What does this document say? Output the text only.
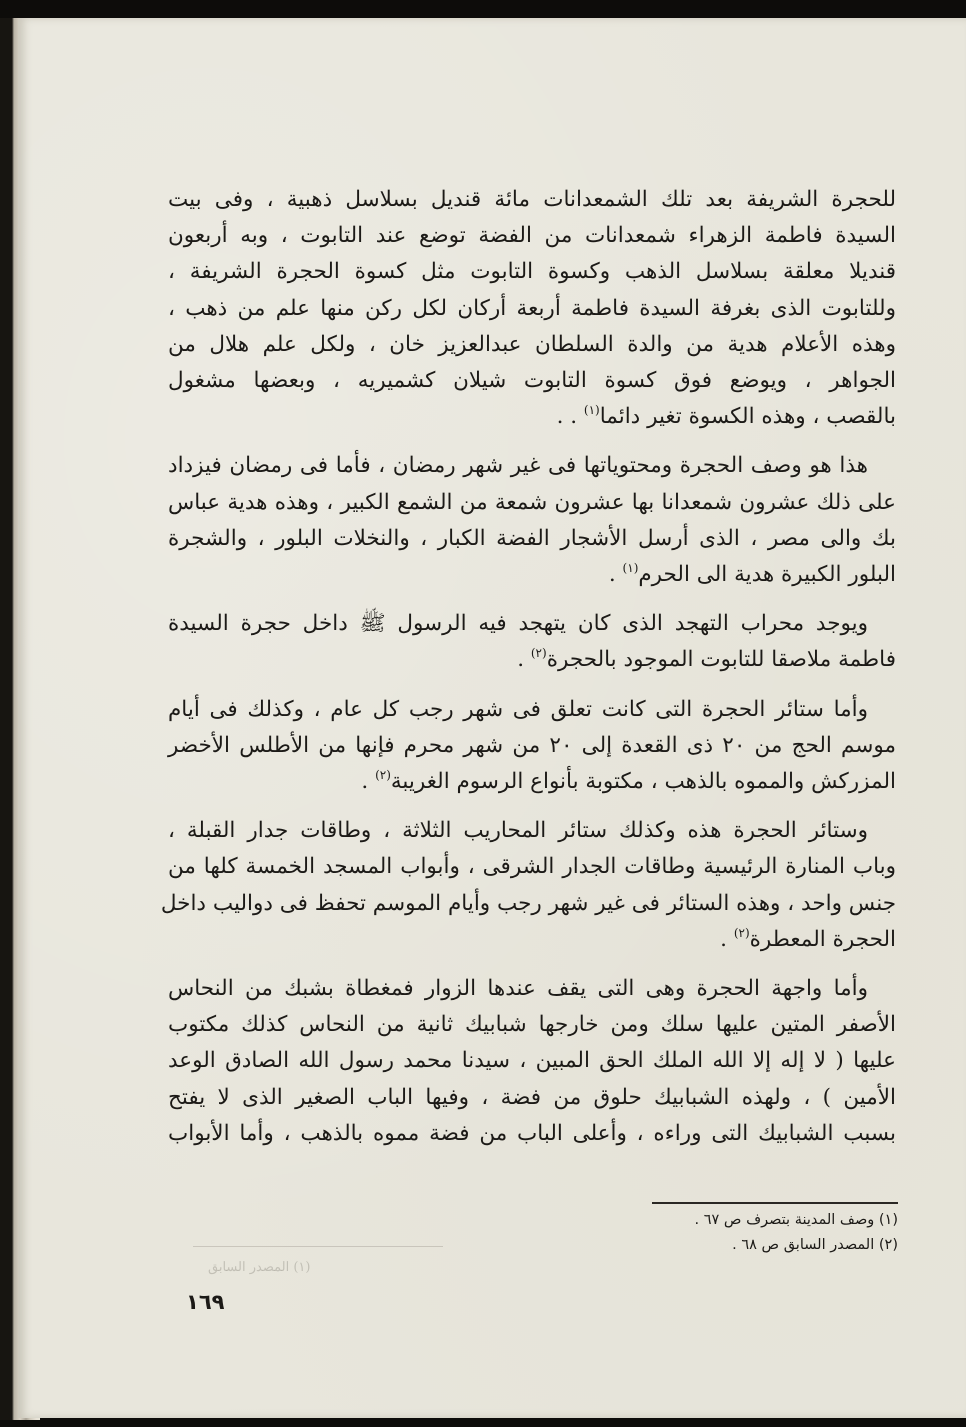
(١) المصدر السابق
للحجرة الشريفة بعد تلك الشمعدانات مائة قنديل بسلاسل ذهبية ، وفى بيت
السيدة فاطمة الزهراء شمعدانات من الفضة توضع عند التابوت ، وبه أربعون
قنديلا معلقة بسلاسل الذهب وكسوة التابوت مثل كسوة الحجرة الشريفة ،
وللتابوت الذى بغرفة السيدة فاطمة أربعة أركان لكل ركن منها علم من ذهب ،
وهذه الأعلام هدية من والدة السلطان عبدالعزيز خان ، ولكل علم هلال من
الجواهر ، ويوضع فوق كسوة التابوت شيلان كشميريه ، وبعضها مشغول
بالقصب ، وهذه الكسوة تغير دائما$^{(١)}$ . .
هذا هو وصف الحجرة ومحتوياتها فى غير شهر رمضان ، فأما فى رمضان فيزداد
على ذلك عشرون شمعدانا بها عشرون شمعة من الشمع الكبير ، وهذه هدية عباس
بك والى مصر ، الذى أرسل الأشجار الفضة الكبار ، والنخلات البلور ، والشجرة
البلور الكبيرة هدية الى الحرم$^{(١)}$ .
ويوجد محراب التهجد الذى كان يتهجد فيه الرسول ﷺ داخل حجرة السيدة
فاطمة ملاصقا للتابوت الموجود بالحجرة$^{(٢)}$ .
وأما ستائر الحجرة التى كانت تعلق فى شهر رجب كل عام ، وكذلك فى أيام
موسم الحج من ٢٠ ذى القعدة إلى ٢٠ من شهر محرم فإنها من الأطلس الأخضر
المزركش والمموه بالذهب ، مكتوبة بأنواع الرسوم الغريبة$^{(٢)}$ .
وستائر الحجرة هذه وكذلك ستائر المحاريب الثلاثة ، وطاقات جدار القبلة ،
وباب المنارة الرئيسية وطاقات الجدار الشرقى ، وأبواب المسجد الخمسة كلها من
جنس واحد ، وهذه الستائر فى غير شهر رجب وأيام الموسم تحفظ فى دواليب داخل
الحجرة المعطرة$^{(٢)}$ .
وأما واجهة الحجرة وهى التى يقف عندها الزوار فمغطاة بشبك من النحاس
الأصفر المتين عليها سلك ومن خارجها شبابيك ثانية من النحاس كذلك مكتوب
عليها ( لا إله إلا الله الملك الحق المبين ، سيدنا محمد رسول الله الصادق الوعد
الأمين ) ، ولهذه الشبابيك حلوق من فضة ، وفيها الباب الصغير الذى لا يفتح
بسبب الشبابيك التى وراءه ، وأعلى الباب من فضة مموه بالذهب ، وأما الأبواب
(١) وصف المدينة بتصرف ص ٦٧ .
(٢) المصدر السابق ص ٦٨ .
١٦٩
